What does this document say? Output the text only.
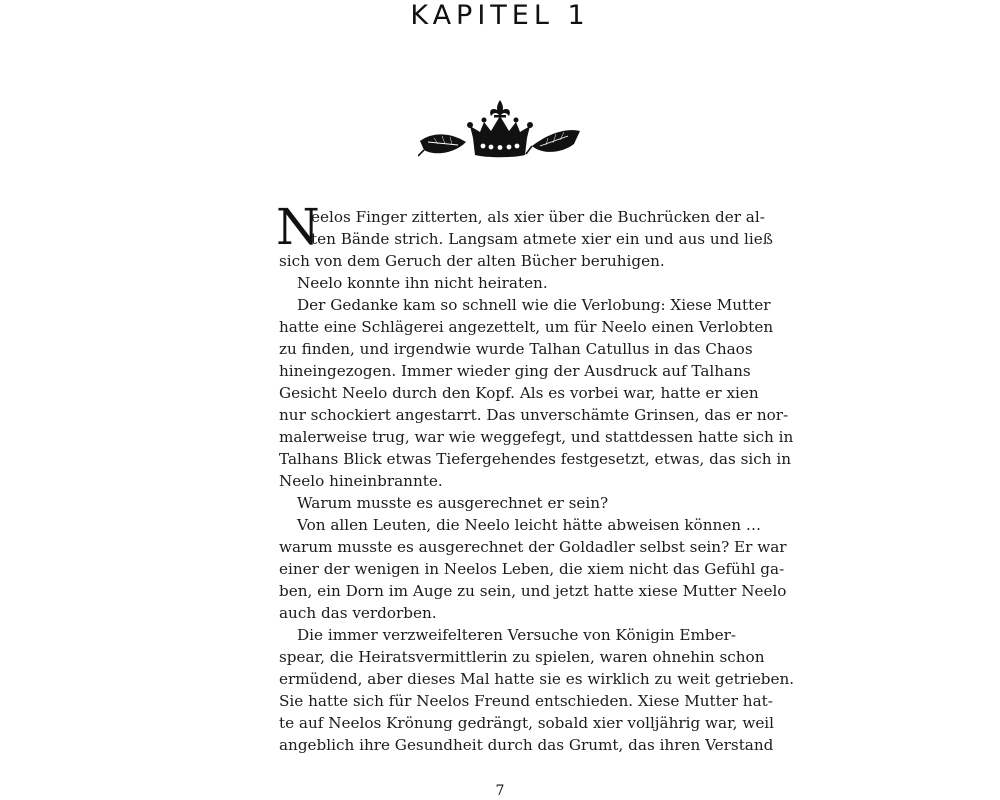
KAPITEL 1
N
eelos Finger zitterten, als xier über die Buchrücken der al-
ten Bände strich. Langsam atmete xier ein und aus und ließ
sich von dem Geruch der alten Bücher beruhigen.
Neelo konnte ihn nicht heiraten.
Der Gedanke kam so schnell wie die Verlobung: Xiese Mutter
hatte eine Schlägerei angezettelt, um für Neelo einen Verlobten
zu finden, und irgendwie wurde Talhan Catullus in das Chaos
hineingezogen. Immer wieder ging der Ausdruck auf Talhans
Gesicht Neelo durch den Kopf. Als es vorbei war, hatte er xien
nur schockiert angestarrt. Das unverschämte Grinsen, das er nor-
malerweise trug, war wie weggefegt, und stattdessen hatte sich in
Talhans Blick etwas Tiefergehendes festgesetzt, etwas, das sich in
Neelo hineinbrannte.
Warum musste es ausgerechnet er sein?
Von allen Leuten, die Neelo leicht hätte abweisen können …
warum musste es ausgerechnet der Goldadler selbst sein? Er war
einer der wenigen in Neelos Leben, die xiem nicht das Gefühl ga-
ben, ein Dorn im Auge zu sein, und jetzt hatte xiese Mutter Neelo
auch das verdorben.
Die immer verzweifelteren Versuche von Königin Ember-
spear, die Heiratsvermittlerin zu spielen, waren ohnehin schon
ermüdend, aber dieses Mal hatte sie es wirklich zu weit getrieben.
Sie hatte sich für Neelos Freund entschieden. Xiese Mutter hat-
te auf Neelos Krönung gedrängt, sobald xier volljährig war, weil
angeblich ihre Gesundheit durch das Grumt, das ihren Verstand
7
